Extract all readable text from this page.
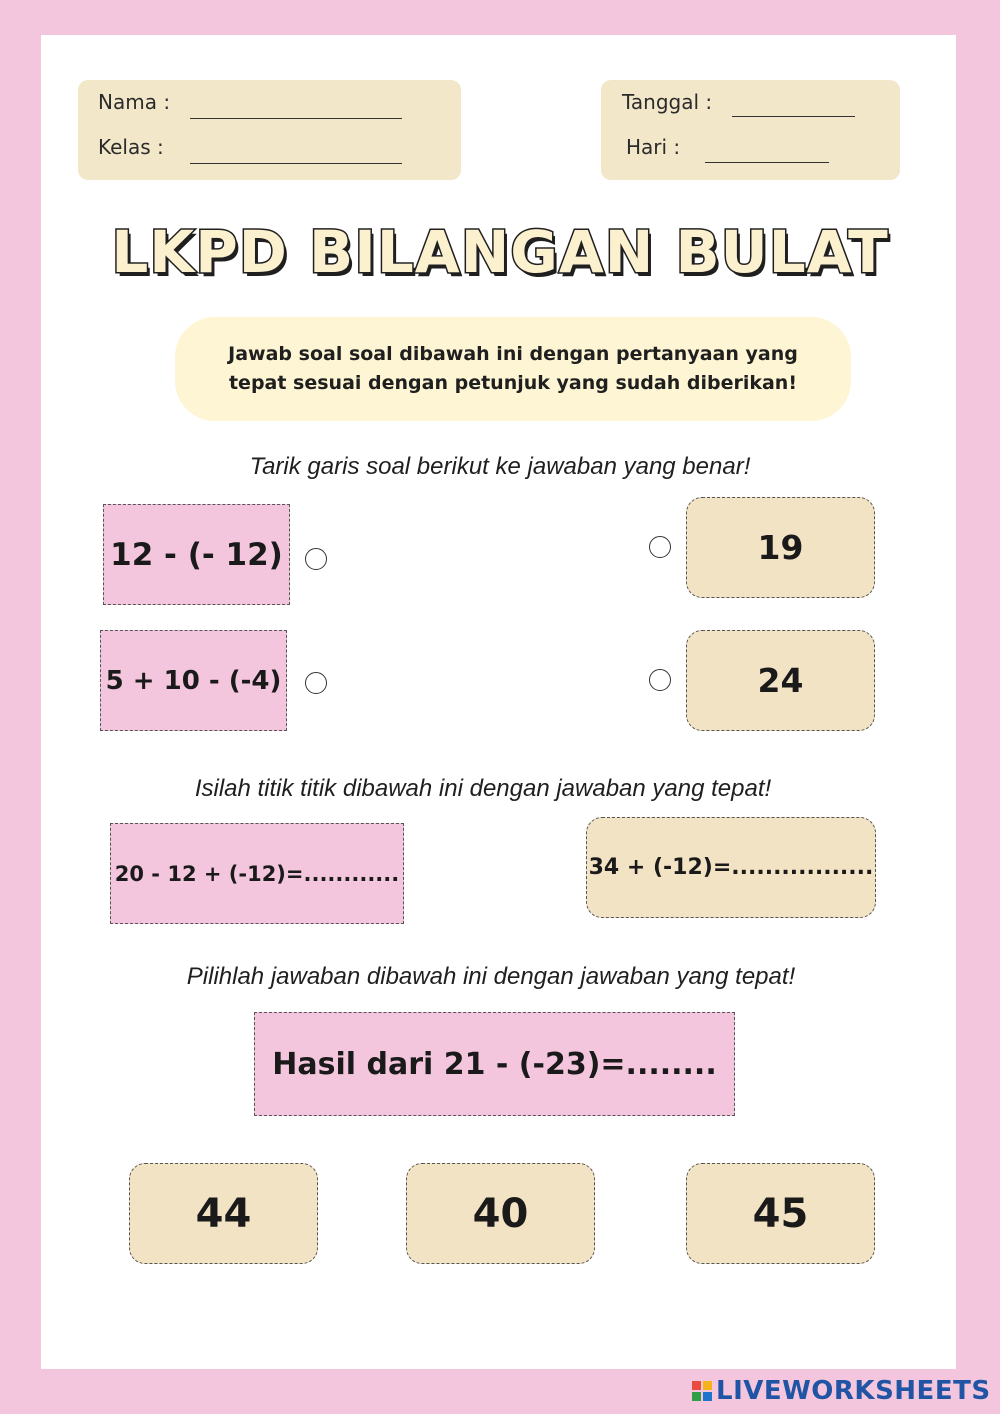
Nama :
Kelas :
Tanggal :
Hari :
LKPD BILANGAN BULAT
Jawab soal soal dibawah ini dengan pertanyaan yang
tepat sesuai dengan petunjuk yang sudah diberikan!
Tarik garis soal berikut ke jawaban yang benar!
12 - (- 12)
5 + 10 - (-4)
19
24
Isilah titik titik dibawah ini dengan jawaban yang tepat!
20 - 12 + (-12)=............	34 + (-12)=.................
Pilihlah jawaban dibawah ini dengan jawaban yang tepat!
Hasil dari 21 - (-23)=........
44	40	45
LIVEWORKSHEETS
